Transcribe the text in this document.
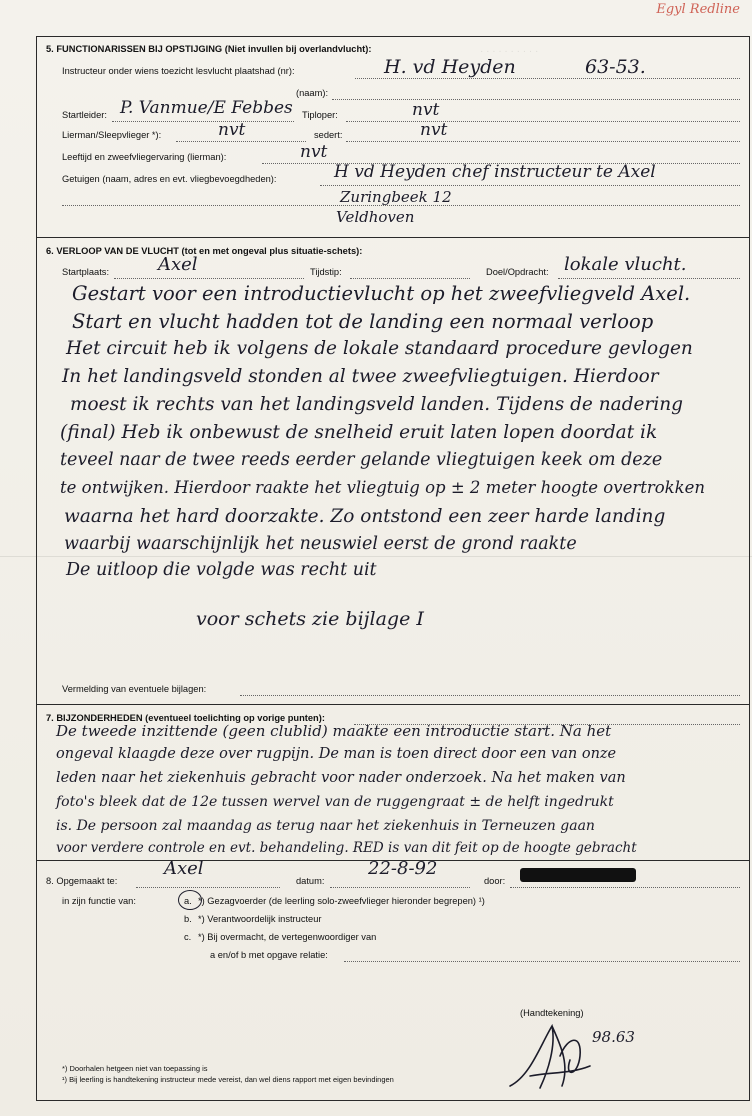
Egyl Redline
· · · · · · · · · ·
5. FUNCTIONARISSEN BIJ OPSTIJGING (Niet invullen bij overlandvlucht):
Instructeur onder wiens toezicht lesvlucht plaatshad (nr):	H. vd Heyden	63-53.
(naam):
Startleider: P. Vanmue/E Febbes Tiploper:	nvt
Lierman/Sleepvlieger *):	nvt	sedert:	nvt
Leeftijd en zweefvliegervaring (lierman):	nvt
Getuigen (naam, adres en evt. vliegbevoegdheden):	H vd Heyden chef instructeur te Axel
Zuringbeek 12
Veldhoven
6. VERLOOP VAN DE VLUCHT (tot en met ongeval plus situatie-schets):
Startplaats:	Axel	Tijdstip:	Doel/Opdracht: lokale vlucht.
Gestart voor een introductievlucht op het zweefvliegveld Axel.
Start en vlucht hadden tot de landing een normaal verloop
Het circuit heb ik volgens de lokale standaard procedure gevlogen
In het landingsveld stonden al twee zweefvliegtuigen. Hierdoor
moest ik rechts van het landingsveld landen. Tijdens de nadering
(final) Heb ik onbewust de snelheid eruit laten lopen doordat ik
teveel naar de twee reeds eerder gelande vliegtuigen keek om deze
te ontwijken. Hierdoor raakte het vliegtuig op ± 2 meter hoogte overtrokken
waarna het hard doorzakte. Zo ontstond een zeer harde landing
waarbij waarschijnlijk het neuswiel eerst de grond raakte
De uitloop die volgde was recht uit
voor schets zie bijlage I
Vermelding van eventuele bijlagen:
7. BIJZONDERHEDEN (eventueel toelichting op vorige punten):
De tweede inzittende (geen clublid) maakte een introductie start. Na het
ongeval klaagde deze over rugpijn. De man is toen direct door een van onze
leden naar het ziekenhuis gebracht voor nader onderzoek. Na het maken van
foto's bleek dat de 12e tussen wervel van de ruggengraat ± de helft ingedrukt
is. De persoon zal maandag as terug naar het ziekenhuis in Terneuzen gaan
voor verdere controle en evt. behandeling. RED is van dit feit op de hoogte gebracht
8. Opgemaakt te:
Axel
datum:
22-8-92
door:
in zijn functie van:	a. *) Gezagvoerder (de leerling solo-zweefvlieger hieronder begrepen) ¹)
b. *) Verantwoordelijk instructeur
c. *) Bij overmacht, de vertegenwoordiger van
a en/of b met opgave relatie:
(Handtekening)
98.63
*) Doorhalen hetgeen niet van toepassing is
¹) Bij leerling is handtekening instructeur mede vereist, dan wel diens rapport met eigen bevindingen
